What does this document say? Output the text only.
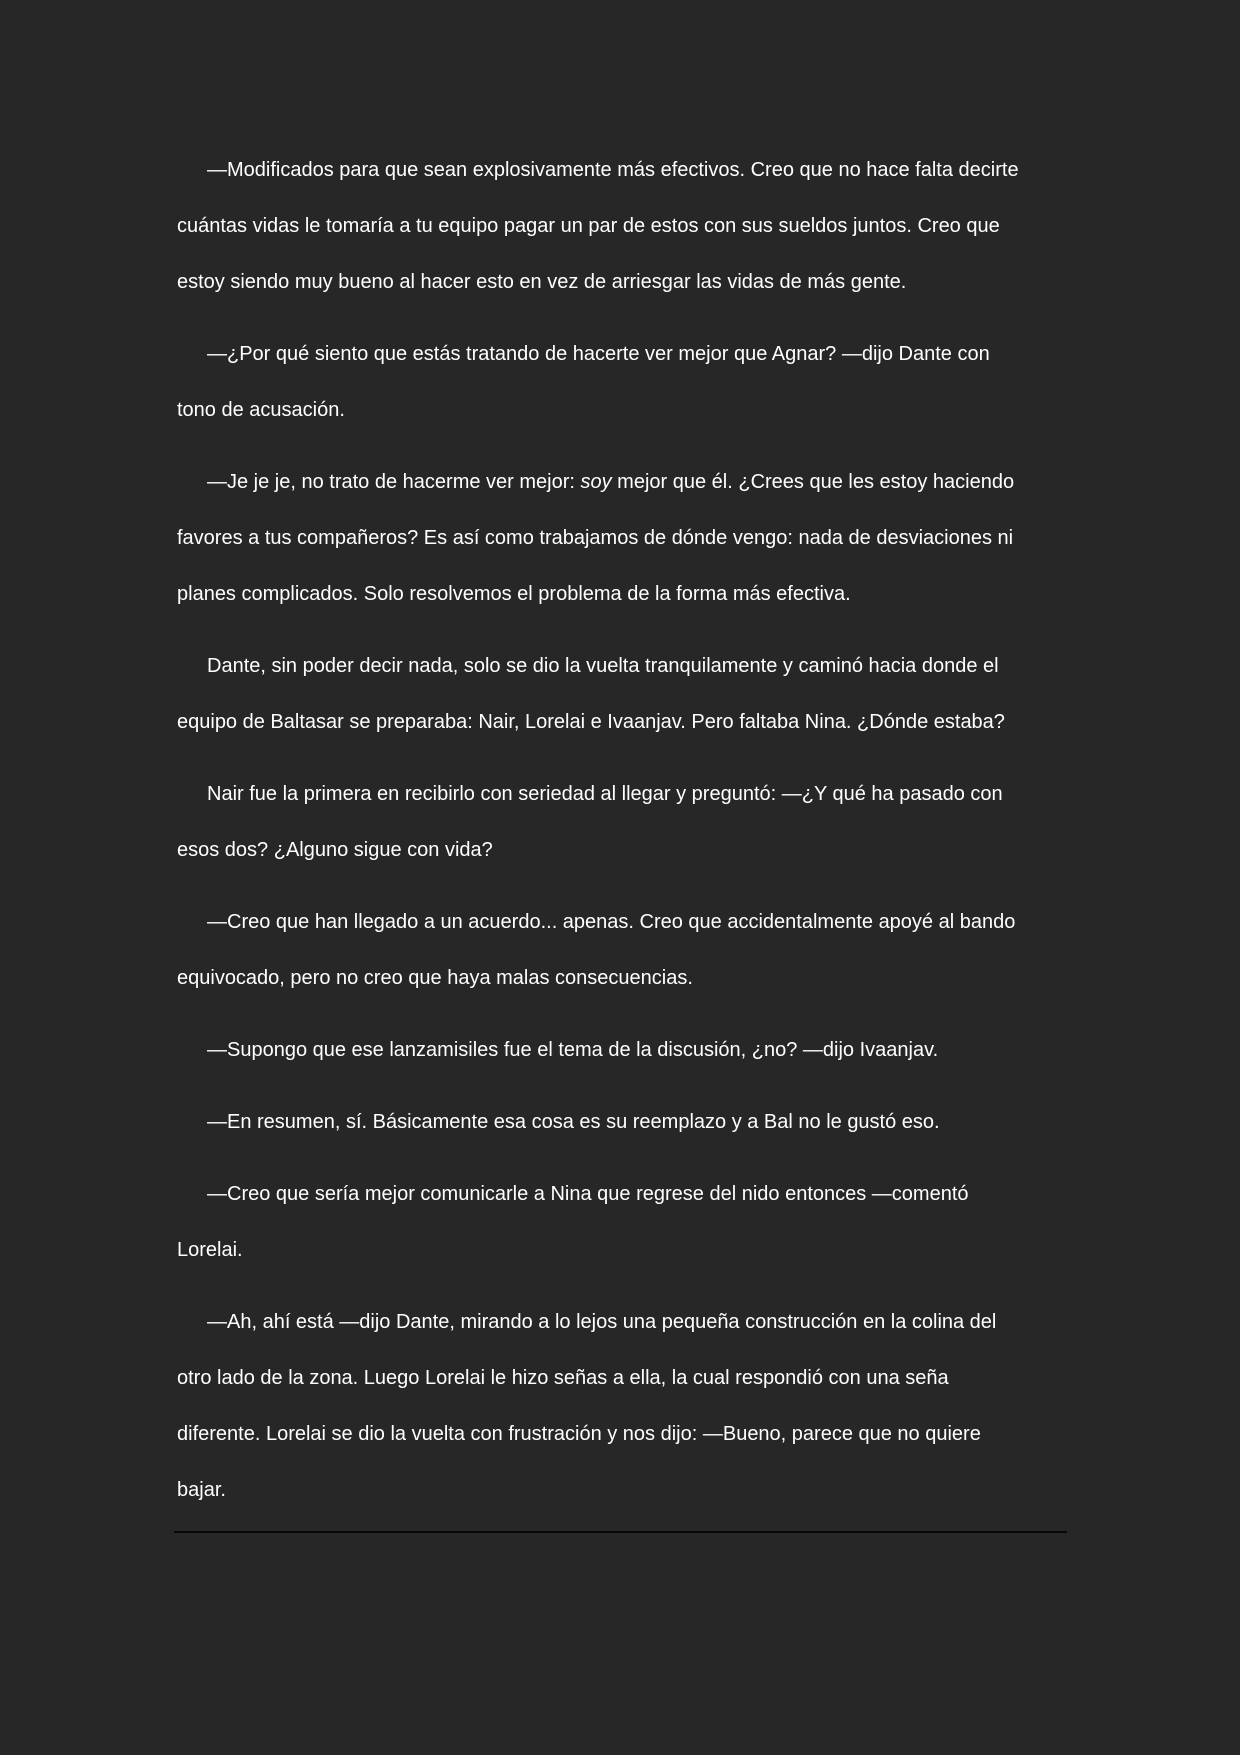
—Modificados para que sean explosivamente más efectivos. Creo que no hace falta decirte
cuántas vidas le tomaría a tu equipo pagar un par de estos con sus sueldos juntos. Creo que
estoy siendo muy bueno al hacer esto en vez de arriesgar las vidas de más gente.

—¿Por qué siento que estás tratando de hacerte ver mejor que Agnar? —dijo Dante con
tono de acusación.

—Je je je, no trato de hacerme ver mejor: soy mejor que él. ¿Crees que les estoy haciendo
favores a tus compañeros? Es así como trabajamos de dónde vengo: nada de desviaciones ni
planes complicados. Solo resolvemos el problema de la forma más efectiva.

Dante, sin poder decir nada, solo se dio la vuelta tranquilamente y caminó hacia donde el
equipo de Baltasar se preparaba: Nair, Lorelai e Ivaanjav. Pero faltaba Nina. ¿Dónde estaba?

Nair fue la primera en recibirlo con seriedad al llegar y preguntó: —¿Y qué ha pasado con
esos dos? ¿Alguno sigue con vida?

—Creo que han llegado a un acuerdo... apenas. Creo que accidentalmente apoyé al bando
equivocado, pero no creo que haya malas consecuencias.

—Supongo que ese lanzamisiles fue el tema de la discusión, ¿no? —dijo Ivaanjav.

—En resumen, sí. Básicamente esa cosa es su reemplazo y a Bal no le gustó eso.

—Creo que sería mejor comunicarle a Nina que regrese del nido entonces —comentó
Lorelai.

—Ah, ahí está —dijo Dante, mirando a lo lejos una pequeña construcción en la colina del
otro lado de la zona. Luego Lorelai le hizo señas a ella, la cual respondió con una seña
diferente. Lorelai se dio la vuelta con frustración y nos dijo: —Bueno, parece que no quiere
bajar.
